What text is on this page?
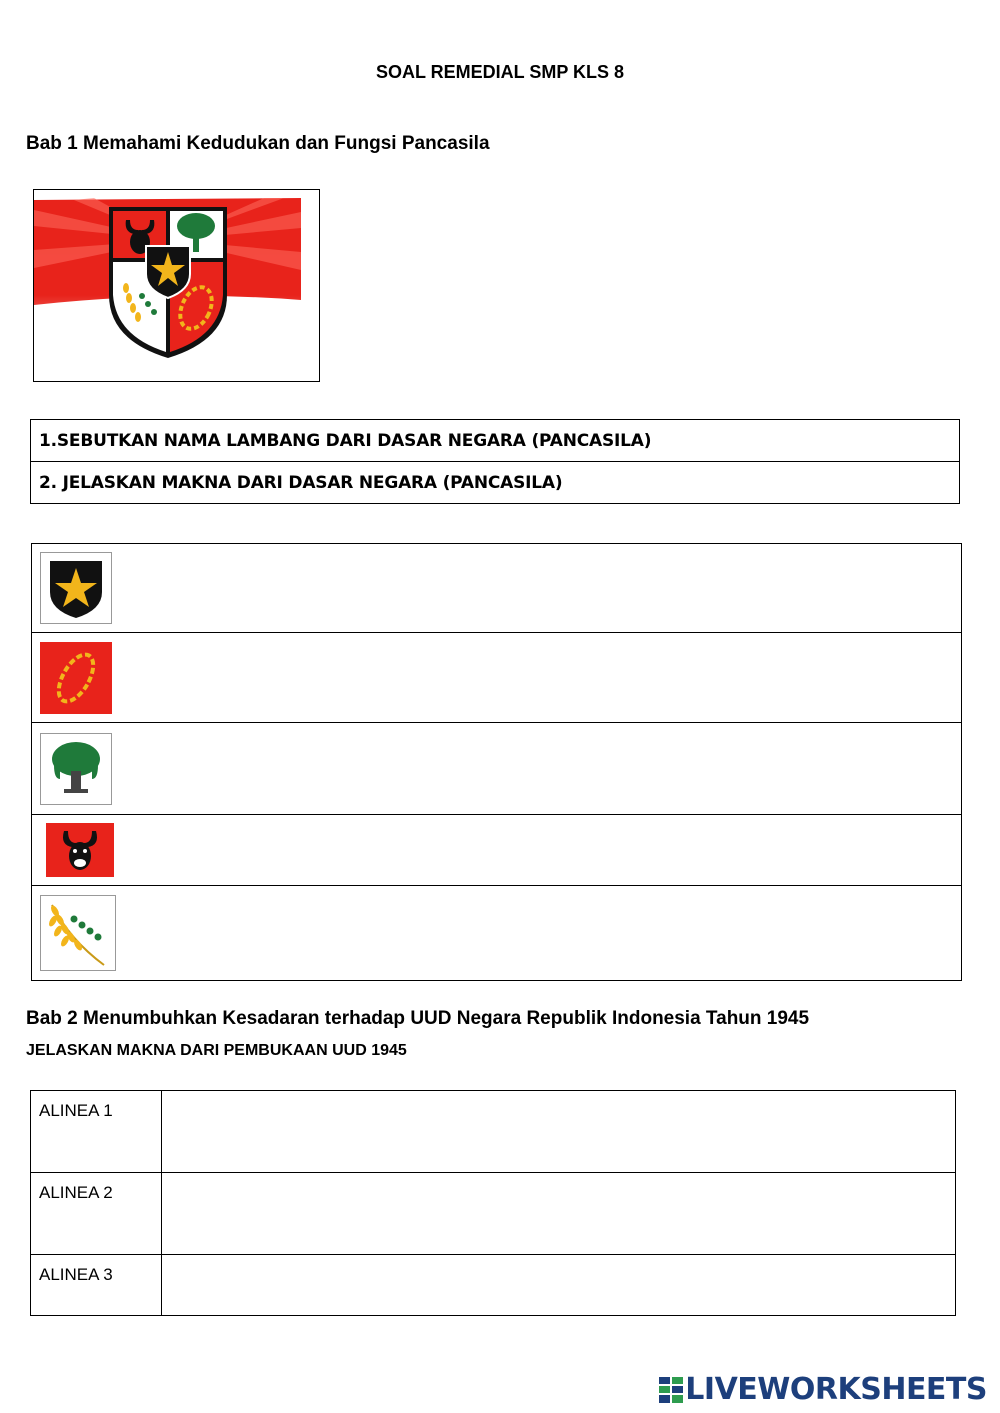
SOAL REMEDIAL SMP KLS 8
Bab 1 Memahami Kedudukan dan Fungsi Pancasila
1.SEBUTKAN NAMA LAMBANG DARI DASAR NEGARA (PANCASILA)
2. JELASKAN MAKNA DARI DASAR NEGARA (PANCASILA)

Bab 2 Menumbuhkan Kesadaran terhadap UUD Negara Republik Indonesia Tahun 1945
JELASKAN MAKNA DARI PEMBUKAAN UUD 1945
ALINEA 1	
ALINEA 2	
ALINEA 3	
LIVEWORKSHEETS
